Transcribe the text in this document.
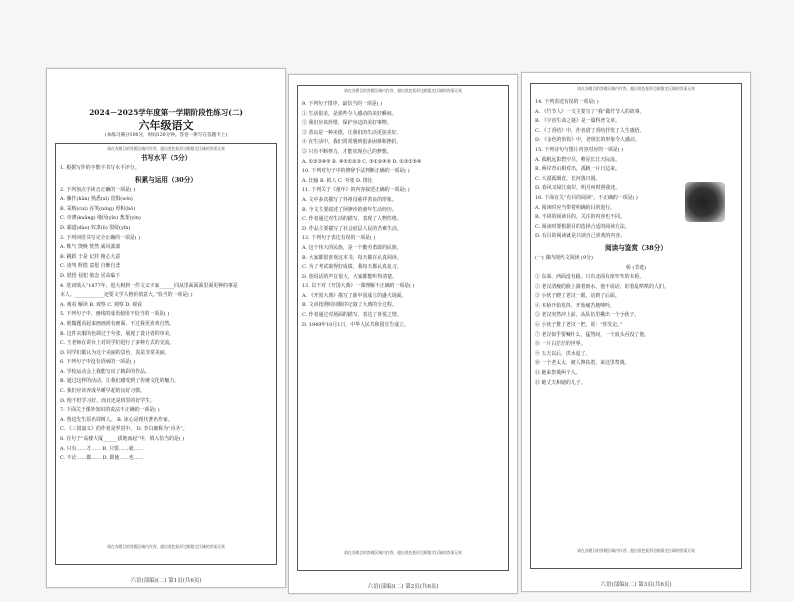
2024－2025学年度第一学期阶段性练习(二)
六年级语文
(本练习满分100分，时间120分钟。答卷一律写在答题卡上)
请在各题目的答题区域内作答，超出黑色矩形边框限定区域的答案无效
书写水平（5分）
1. 根据写作的字数字书写水平评分。
积累与运用（30分）
2. 下列加点字读音正确的一项是( )
A. 藤扦(hǎn) 熟悉(xī) 畏惧(wèi)
B. 采购(cuì) 吞笑(níng) 厚积(bō)
C. 旁薄(kuāng) 缘因(yǐn) 葱茏(yìn)
D. 霸道(dào) 奴隶(lì) 裂绽(yǐn)
3. 下列词语书写完全正确的一项是( )
A. 帐气 饶焕 恍然 威风凛凛
B. 跳跃 于是 记挂 粗心大意
C. 凌驾 辉煌 意愿 自惭自悲
D. 慰悟 侵犯 惦念 居高临下
4. 选词填入“1877年，进大树到一件文义字家______同从里面面面里面更种的事是
本人。____________还要文学人格价值意大。”恰当的一项是( )
A. 观看 解读 B. 观察 C. 观察 D. 观看
5. 下列句子中，画线的成语使用不恰当的一项是( )
A. 他做题看起来画画尚有画面，不过我更喜欢自然。
B. 这件衣服的色调过于夸张，展现了设计者的审美。
C. 王老师在讲台上对同学们进行了多种方式的交流。
D. 同学们都认为这个美丽的景色，真是非常美丽。
6. 下列句子中没有语病的一项是( )
A. 学校运动会上我能写出了精彩的作品。
B. 通过这样的活动，让我们感受到了传统文化的魅力。
C. 我们应该养成早睡早起的良好习惯。
D. 他不但学习好，而且还是班里的好学生。
7. 下面关于课外知识的说法不正确的一项是( )
A. 鲁迅先生原名周树人。 B. 冰心是现代著名作家。
C. 《三国演义》的作者是罗贯中。 D. 李白被称为“诗圣”。
8. 在句子“高楼大厦______拔地而起”中，填入恰当的是( )
A. 只有……才…… B. 只要……就……
C. 不论……都…… D. 即使……也……
请在各题目的答题区域内作答，超出黑色矩形边框限定区域的答案无效
六语(部编)(二) 第1页(共6页)
请在各题目的答题区域内作答，超出黑色矩形边框限定区域的答案无效
9. 下列句子排序，最恰当的一项是( )
① 生活很美，是那些令人感动的美好瞬间。
② 我们应该珍惜，保护身边的美好事物。
③ 善良是一种美德，让我们的生活更加美好。
④ 在生活中，我们常常遇到很多困难和挫折。
⑤ 只有不断努力，才能实现自己的梦想。
A. ①②③④⑤ B. ④⑤①②③ C. ③①②④⑤ D. ②③①⑤④
10. 下列对句子中的修辞手法判断正确的一项是( )
A. 比喻 B. 拟人 C. 夸张 D. 排比
11. 下列关于《童年》的内容叙述正确的一项是( )
A. 文中多次描写了外祖母慈祥善良的形象。
B. 全文主要叙述了阿廖沙的童年生活经历。
C. 作者通过对生活的描写，表现了人物性格。
D. 作品主要描写了社会底层人民的苦难生活。
12. 下列句子表达有误的一项是( )
A. 这个伟大的民族，是一个勤劳勇敢的民族。
B. 大家都很喜欢这本书，每天都在认真阅读。
C. 为了考试取得好成绩，我每天都认真复习。
D. 他说话的声音很大，大家都能听得清楚。
13. 以下对《开国大典》一课理解不正确的一项是( )
A. 《开国大典》描写了新中国成立的盛大场面。
B. 文章按照时间顺序记叙了大典的全过程。
C. 作者通过对场面的描写，表达了喜悦之情。
D. 1949年10月1日，中华人民共和国宣告成立。
请在各题目的答题区域内作答，超出黑色矩形边框限定区域的答案无效
六语(部编)(二) 第2页(共6页)
请在各题目的答题区域内作答，超出黑色矩形边框限定区域的答案无效
14. 下列表述有误的一项是( )
A. 《竹节人》一文主要写了“我”做竹节人的故事。
B. 《宇宙生命之谜》是一篇科普文章。
C. 《丁香结》中，作者借丁香结抒发了人生感悟。
D. 《金色的鱼钩》中，老班长的形象令人感动。
15. 下列诗句与图片内容对应的一项是( )
A. 孤帆远影碧空尽，唯见长江天际流。
B. 两岸青山相对出，孤帆一片日边来。
C. 大漠孤烟直，长河落日圆。
D. 春风又绿江南岸，明月何时照我还。
16. 下面有关“有目的阅读”，不正确的一项是( )
A. 阅读时应当带着明确的目的进行。
B. 不同的阅读目的，关注的内容也不同。
C. 阅读时要根据目的选择合适的阅读方法。
D. 有目的阅读就是只读自己喜欢的内容。
阅读与鉴赏（38分）
(一) 课内现代文阅读 (9分)
桥 (节选)
① 东面、西面没有路。只有北面有座窄窄的木桥。
② 老汉清瘦的脸上淌着雨水，他不说话，盯着乱哄哄的人们。
③ 小伙子瞪了老汉一眼，站到了后面。
④ 木桥开始发抖，开始痛苦地呻吟。
⑤ 老汉突然冲上前，从队伍里揪出一个小伙子。
⑥ 小伙子推了老汉一把，说：“你先走。”
⑦ 老汉似乎要喊什么，猛然间，一个浪头吞没了他。
⑧ 一片白茫茫的世界。
⑨ 五天以后，洪水退了。
⑩ 一个老太太，被人搀扶着，来这里祭奠。
⑪ 她来祭奠两个人。
⑫ 她丈夫和她的儿子。
请在各题目的答题区域内作答，超出黑色矩形边框限定区域的答案无效
六语(部编)(二) 第3页(共6页)
